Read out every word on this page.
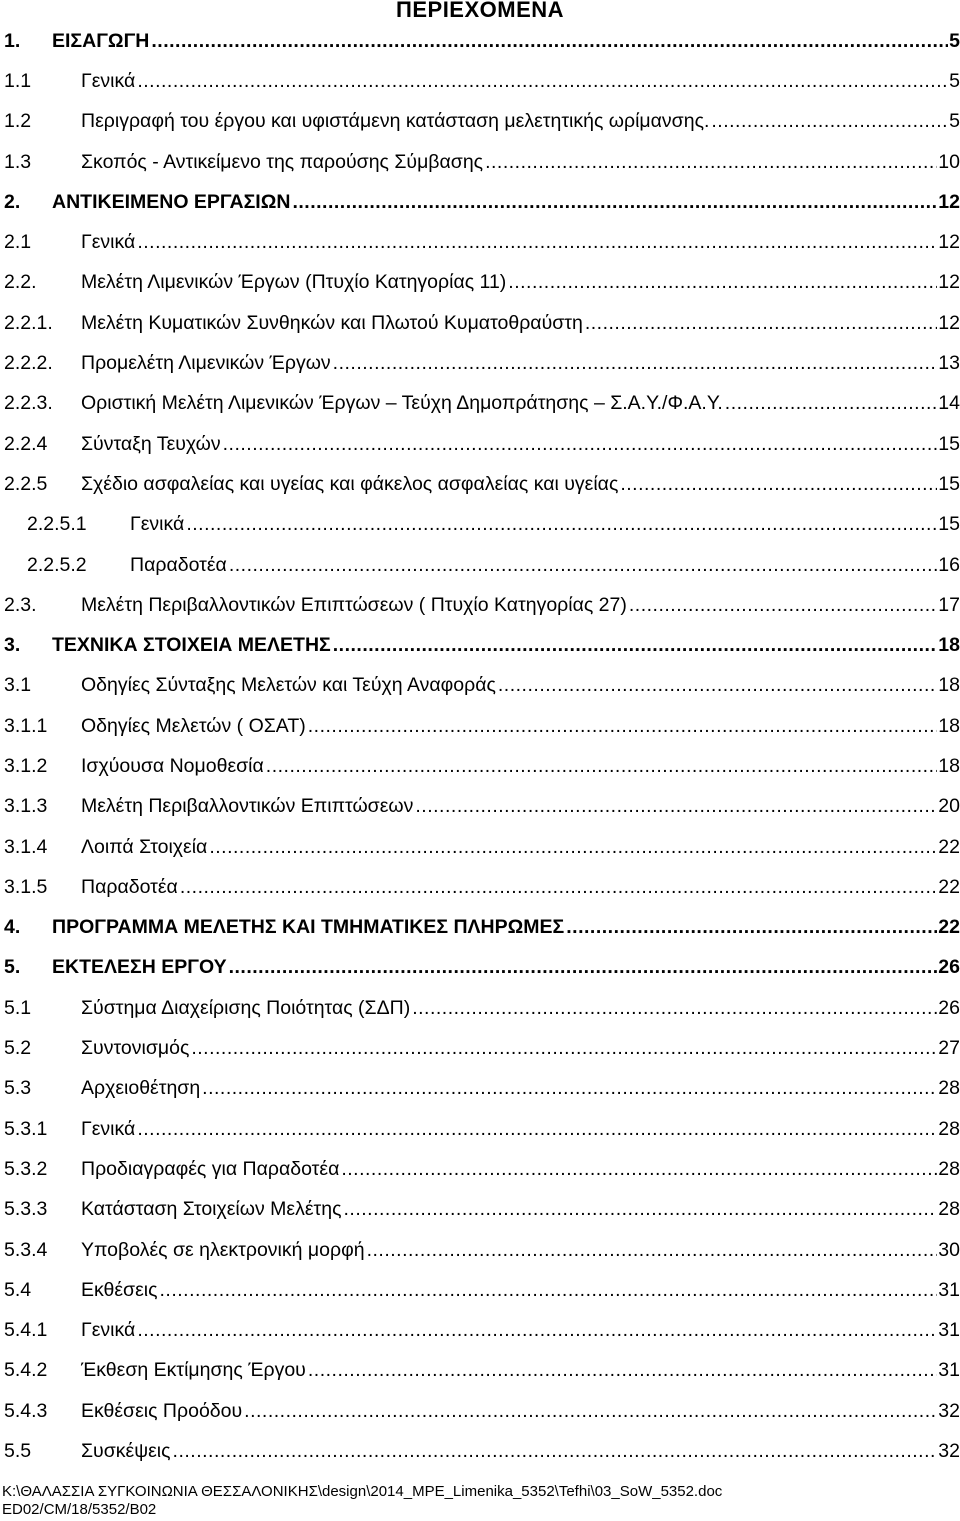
ΠΕΡΙΕΧΟΜΕΝΑ
1.	ΕΙΣΑΓΩΓΗ .....	5
1.1	Γενικά .....	5
1.2	Περιγραφή του έργου και υφιστάμενη κατάσταση μελετητικής ωρίμανσης. .....	5
1.3	Σκοπός - Αντικείμενο της παρούσης Σύμβασης .....	10
2.	ΑΝΤΙΚΕΙΜΕΝΟ ΕΡΓΑΣΙΩΝ .....	12
2.1	Γενικά .....	12
2.2.	Μελέτη Λιμενικών Έργων (Πτυχίο Κατηγορίας 11) .....	12
2.2.1.	Μελέτη Κυματικών Συνθηκών και Πλωτού Κυματοθραύστη .....	12
2.2.2.	Προμελέτη Λιμενικών Έργων .....	13
2.2.3.	Οριστική Μελέτη Λιμενικών Έργων – Τεύχη Δημοπράτησης – Σ.Α.Υ./Φ.Α.Υ. .....	14
2.2.4	Σύνταξη Τευχών .....	15
2.2.5	Σχέδιο ασφαλείας και υγείας και φάκελος ασφαλείας και υγείας .....	15
2.2.5.1	Γενικά .....	15
2.2.5.2	Παραδοτέα .....	16
2.3.	Μελέτη Περιβαλλοντικών Επιπτώσεων ( Πτυχίο Κατηγορίας 27) .....	17
3.	ΤΕΧΝΙΚΑ ΣΤΟΙΧΕΙΑ ΜΕΛΕΤΗΣ .....	18
3.1	Οδηγίες Σύνταξης Μελετών και Τεύχη Αναφοράς .....	18
3.1.1	Οδηγίες Μελετών ( ΟΣΑΤ) .....	18
3.1.2	Ισχύουσα Νομοθεσία .....	18
3.1.3	Μελέτη Περιβαλλοντικών Επιπτώσεων .....	20
3.1.4	Λοιπά Στοιχεία .....	22
3.1.5	Παραδοτέα .....	22
4.	ΠΡΟΓΡΑΜΜΑ ΜΕΛΕΤΗΣ ΚΑΙ ΤΜΗΜΑΤΙΚΕΣ ΠΛΗΡΩΜΕΣ .....	22
5.	ΕΚΤΕΛΕΣΗ ΕΡΓΟΥ .....	26
5.1	Σύστημα Διαχείρισης Ποιότητας (ΣΔΠ) .....	26
5.2	Συντονισμός .....	27
5.3	Αρχειοθέτηση .....	28
5.3.1	Γενικά .....	28
5.3.2	Προδιαγραφές για Παραδοτέα .....	28
5.3.3	Κατάσταση Στοιχείων Μελέτης .....	28
5.3.4	Υποβολές σε ηλεκτρονική μορφή .....	30
5.4	Εκθέσεις .....	31
5.4.1	Γενικά .....	31
5.4.2	Έκθεση Εκτίμησης Έργου .....	31
5.4.3	Εκθέσεις Προόδου .....	32
5.5	Συσκέψεις .....	32
K:\ΘΑΛΑΣΣΙΑ ΣΥΓΚΟΙΝΩΝΙΑ ΘΕΣΣΑΛΟΝΙΚΗΣ\design\2014_MPE_Limenika_5352\Tefhi\03_SoW_5352.doc
ED02/CM/18/5352/B02
